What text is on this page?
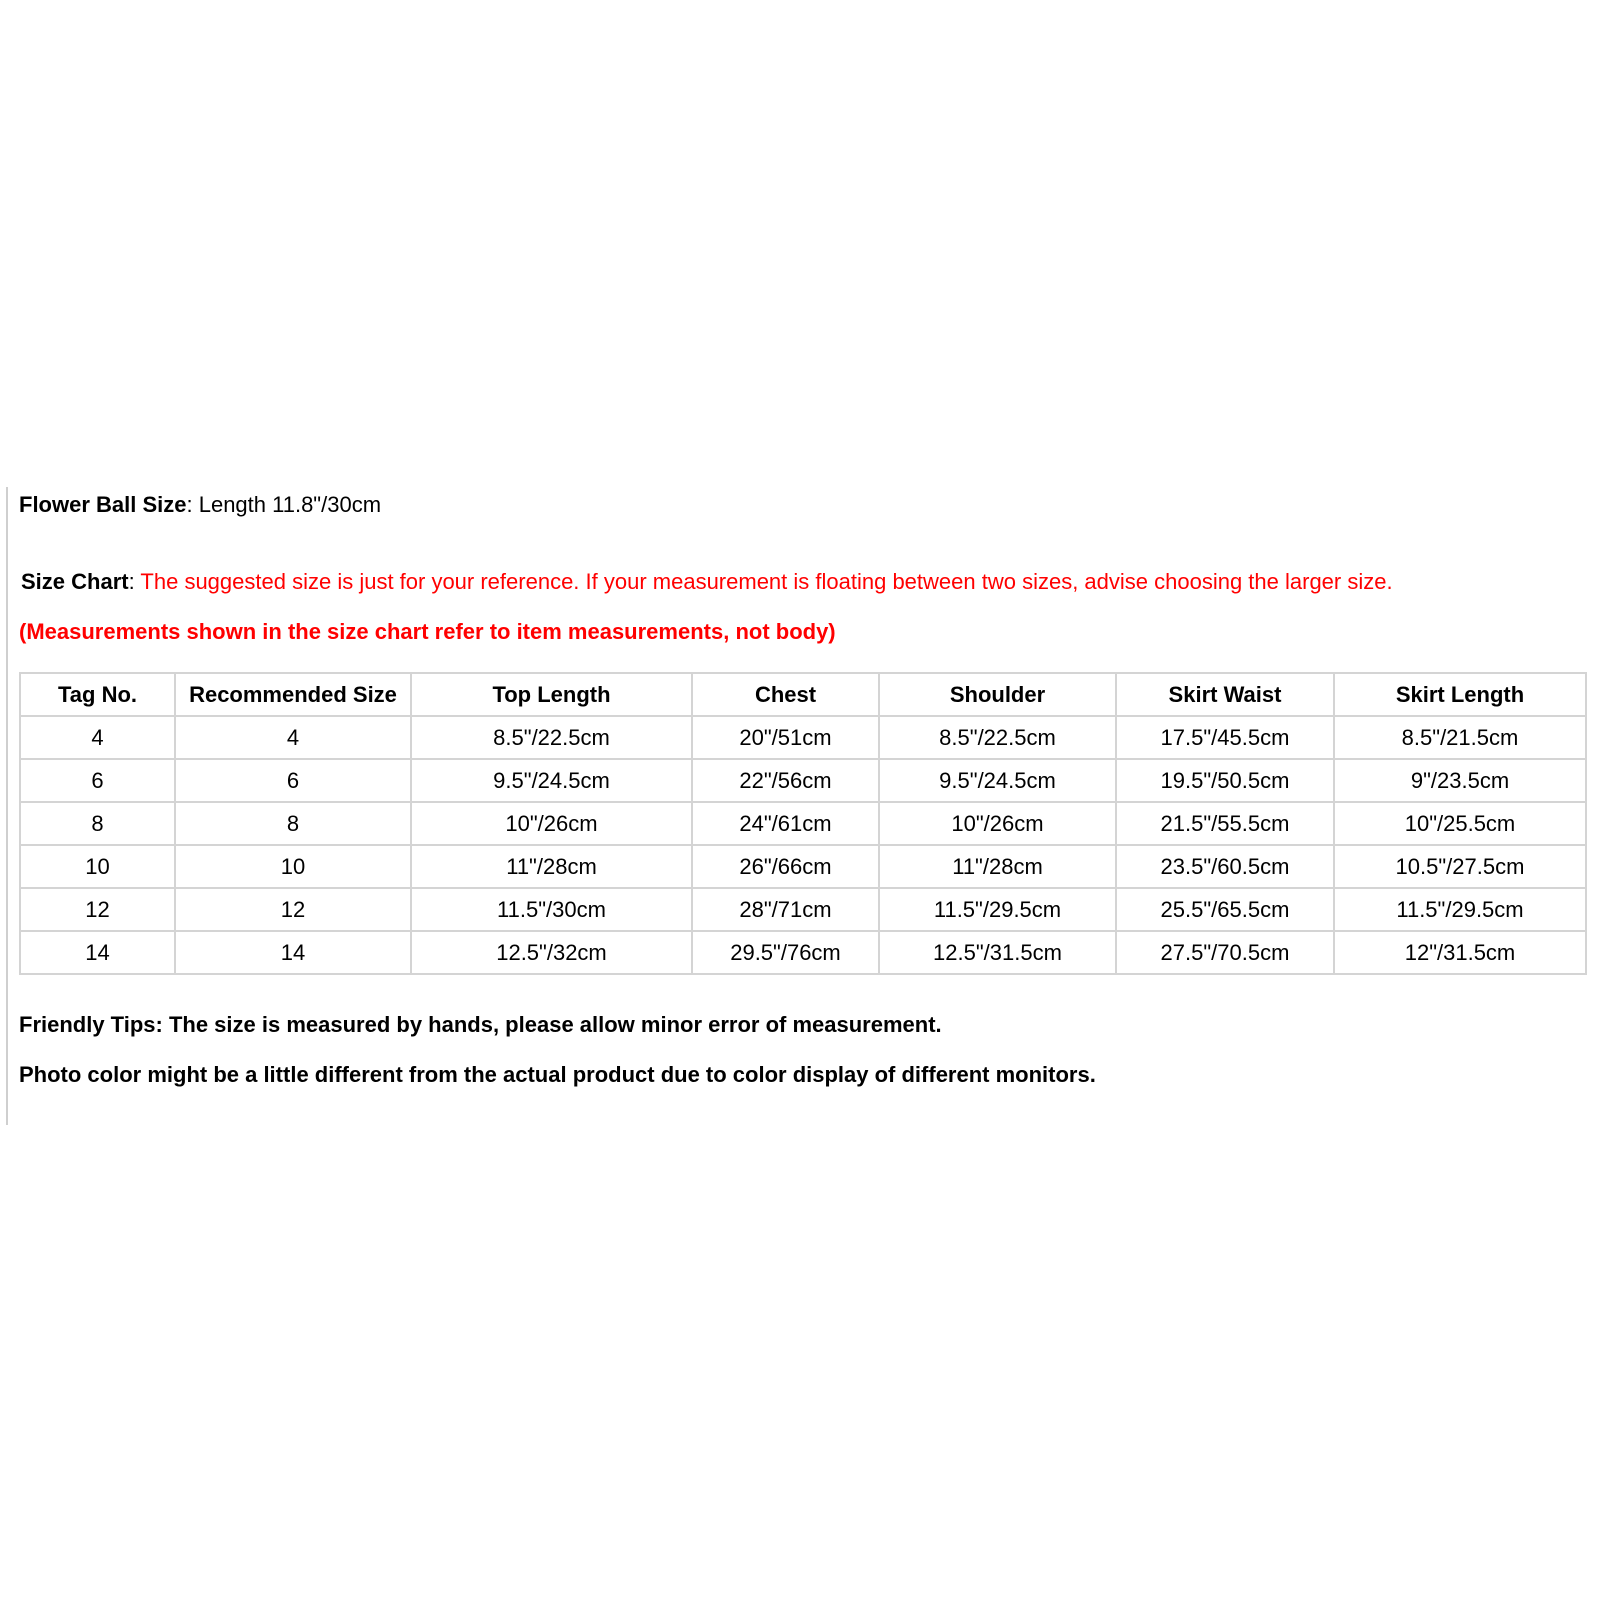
Flower Ball Size: Length 11.8"/30cm
Size Chart: The suggested size is just for your reference. If your measurement is floating between two sizes, advise choosing the larger size.
(Measurements shown in the size chart refer to item measurements, not body)
Tag No.	Recommended Size	Top Length	Chest	Shoulder	Skirt Waist	Skirt Length
4	4	8.5"/22.5cm	20"/51cm	8.5"/22.5cm	17.5"/45.5cm	8.5"/21.5cm
6	6	9.5"/24.5cm	22"/56cm	9.5"/24.5cm	19.5"/50.5cm	9"/23.5cm
8	8	10"/26cm	24"/61cm	10"/26cm	21.5"/55.5cm	10"/25.5cm
10	10	11"/28cm	26"/66cm	11"/28cm	23.5"/60.5cm	10.5"/27.5cm
12	12	11.5"/30cm	28"/71cm	11.5"/29.5cm	25.5"/65.5cm	11.5"/29.5cm
14	14	12.5"/32cm	29.5"/76cm	12.5"/31.5cm	27.5"/70.5cm	12"/31.5cm
Friendly Tips: The size is measured by hands, please allow minor error of measurement.
Photo color might be a little different from the actual product due to color display of different monitors.
